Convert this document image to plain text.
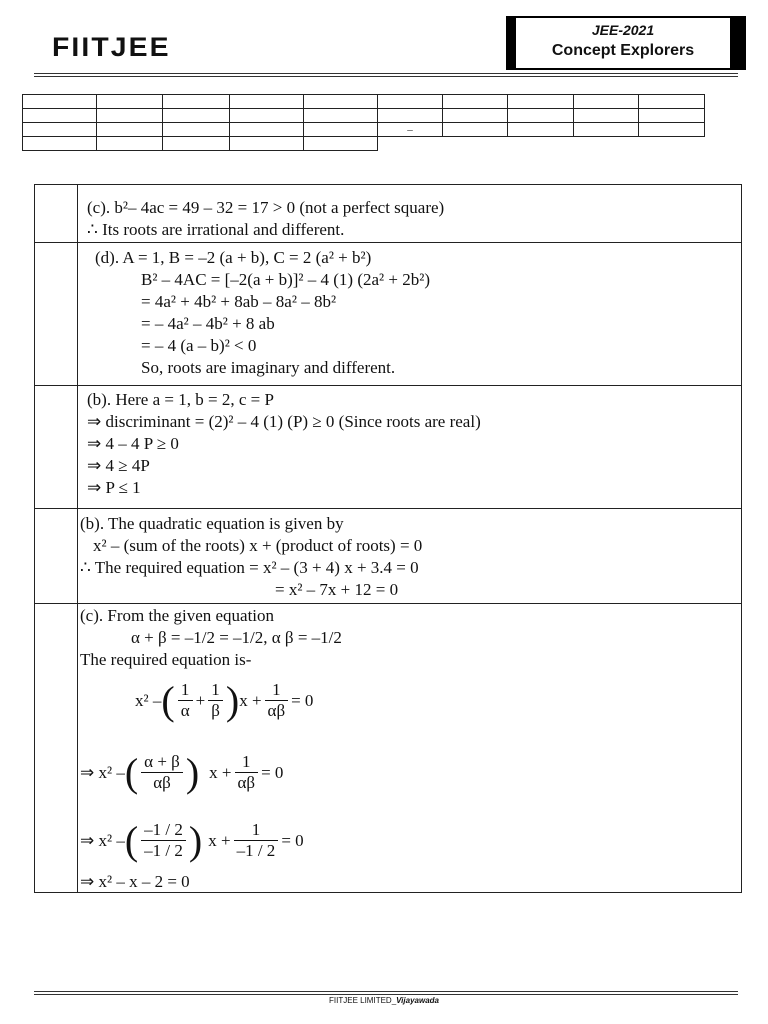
FIITJEE
JEE-2021
Concept Explorers

					–				

(c). b²– 4ac = 49 – 32 = 17 > 0 (not a perfect square)
∴ Its roots are irrational and different.
(d). A = 1, B = –2 (a + b), C = 2 (a² + b²)
B² – 4AC = [–2(a + b)]² – 4 (1) (2a² + 2b²)
= 4a² + 4b² + 8ab – 8a² – 8b²
= – 4a² – 4b² + 8 ab
= – 4 (a – b)² < 0
So, roots are imaginary and different.
(b). Here a = 1, b = 2, c = P
⇒ discriminant = (2)² – 4 (1) (P) ≥ 0 (Since roots are real)
⇒ 4 – 4 P ≥ 0
⇒ 4 ≥ 4P
⇒ P ≤ 1
(b). The quadratic equation is given by
x² – (sum of the roots) x + (product of roots) = 0
∴ The required equation = x² – (3 + 4) x + 3.4 = 0
= x² – 7x + 12 = 0
(c). From the given equation
α + β = –1/2 = –1/2, α β = –1/2
The required equation is-
x² – ( $\frac{1}{\alpha} + \frac{1}{\beta}$ ) $x + \frac{1}{\alpha\beta} = 0$
⇒ x² – ( $\frac{\alpha + \beta}{\alpha\beta}$ ) $x + \frac{1}{\alpha\beta} = 0$
⇒ x² – ( $\frac{-1 / 2}{-1 / 2}$ ) $x + \frac{1}{-1 / 2} = 0$
⇒ x² – x – 2 = 0
FIITJEE LIMITED_Vijayawada
